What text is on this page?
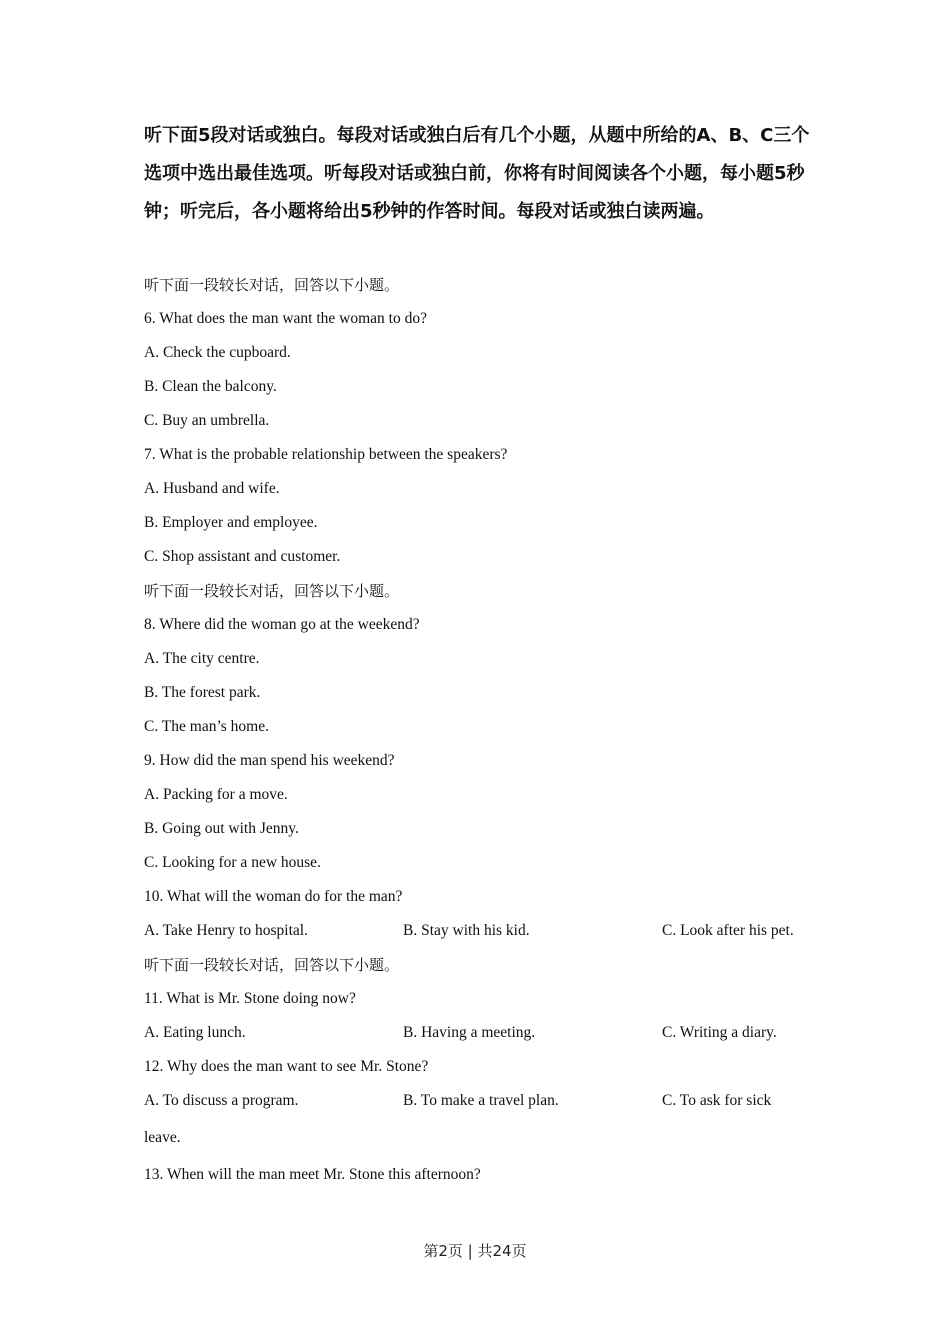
听下面5段对话或独白。每段对话或独白后有几个小题，从题中所给的A、B、C三个选项中选出最佳选项。听每段对话或独白前，你将有时间阅读各个小题，每小题5秒钟；听完后，各小题将给出5秒钟的作答时间。每段对话或独白读两遍。
听下面一段较长对话，回答以下小题。
6. What does the man want the woman to do?
A. Check the cupboard.
B. Clean the balcony.
C. Buy an umbrella.
7. What is the probable relationship between the speakers?
A. Husband and wife.
B. Employer and employee.
C. Shop assistant and customer.
听下面一段较长对话，回答以下小题。
8. Where did the woman go at the weekend?
A. The city centre.
B. The forest park.
C. The man’s home.
9. How did the man spend his weekend?
A. Packing for a move.
B. Going out with Jenny.
C. Looking for a new house.
10. What will the woman do for the man?
A. Take Henry to hospital.	B. Stay with his kid.	C. Look after his pet.
听下面一段较长对话，回答以下小题。
11. What is Mr. Stone doing now?
A. Eating lunch.	B. Having a meeting.	C. Writing a diary.
12. Why does the man want to see Mr. Stone?
A. To discuss a program.	B. To make a travel plan.	C. To ask for sick
leave.
13. When will the man meet Mr. Stone this afternoon?
第2页 | 共24页
